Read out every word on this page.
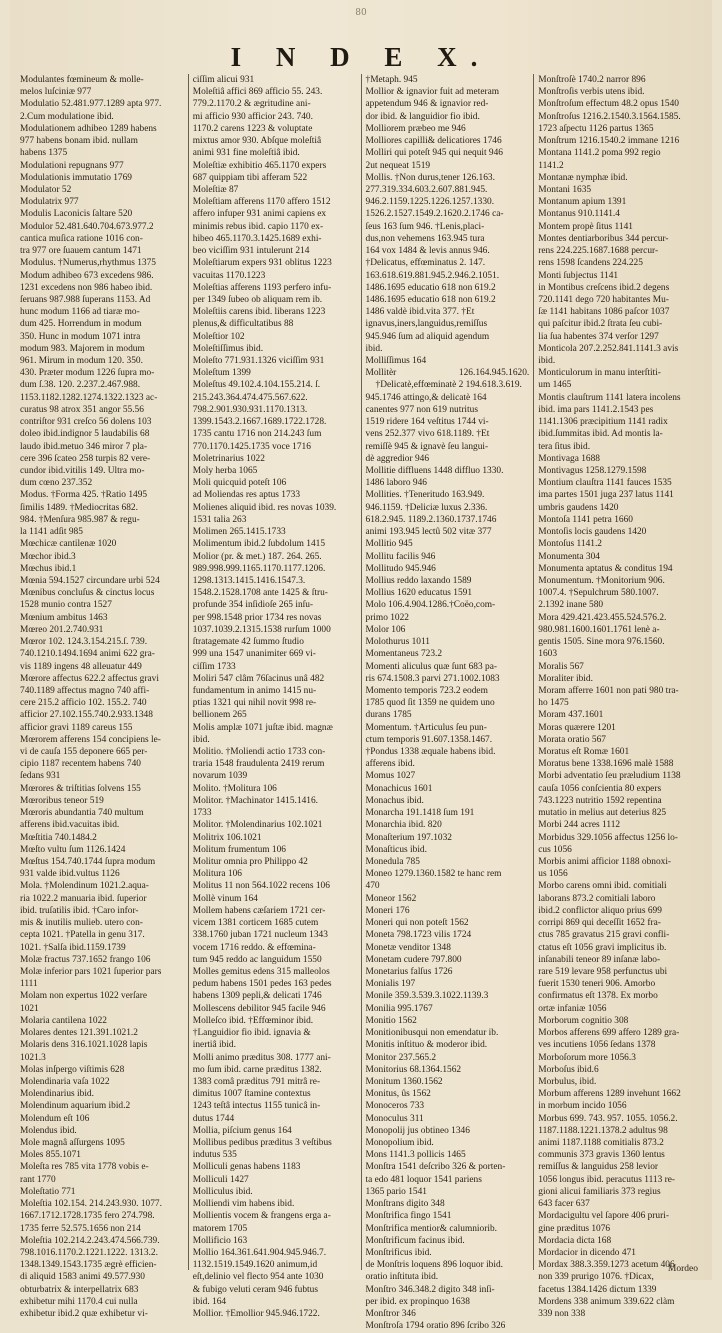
80
I N D E X.

Modulantes fœmineum & molle-

melos luſciniæ 977

Modulatio 52.481.977.1289 apta 977.

2.Cum modulatione ibid.

Modulationem adhibeo 1289 habens

977 habens bonam ibid. nullam

habens 1375

Modulationi repugnans 977

Modulationis immutatio 1769

Modulator 52

Modulatrix 977

Modulis Laconicis ſaltare 520

Modulor 52.481.640.704.673.977.2

cantica muſica ratione 1016 con-

tra 977 ore ſuauem cantum 1471

Modulus. †Numerus,rhythmus 1375

Modum adhibeo 673 excedens 986.

1231 excedens non 986 habeo ibid.

ſeruans 987.988 ſuperans 1153. Ad

hunc modum 1166 ad tiaræ mo-

dum 425. Horrendum in modum

350. Hunc in modum 1071 intra

modum 983. Majorem in modum

961. Mirum in modum 120. 350.

430. Præter modum 1226 ſupra mo-

dum ſ.38. 120. 2.237.2.467.988.

1153.1182.1282.1274.1322.1323 ac-

curatus 98 atrox 351 angor 55.56

contriſtor 931 creſco 56 dolens 103

doleo ibid.indignor 5 laudabilis 68

laudo ibid.metuo 346 miror 7 pla-

cere 396 ſcateo 258 turpis 82 vere-

cundor ibid.vitilis 149. Ultra mo-

dum cœno 237.352

Modus. †Forma 425. †Ratio 1495

ſimilis 1489. †Mediocritas 682.

984. †Menſura 985.987 & regu-

la 1141 adſit 985

Mœchicæ cantilenæ 1020

Mœchor ibid.3

Mœchus ibid.1

Mœnia 594.1527 circundare urbi 524

Mœnibus concluſus & cinctus locus

1528 munio contra 1527

Mœnium ambitus 1463

Mœreo 201.2.740.931

Mœror 102. 124.3.154.215.ſ. 739.

740.1210.1494.1694 animi 622 gra-

vis 1189 ingens 48 alleuatur 449

Mœrore affectus 622.2 affectus gravi

740.1189 affectus magno 740 affi-

cere 215.2 afficio 102. 155.2. 740

afficior 27.102.155.740.2.933.1348

afficior gravi 1189 careus 155

Mœrorem afferens 154 concipiens le-

vi de cauſa 155 deponere 665 per-

cipio 1187 recentem habens 740

ſedans 931

Mœrores & triſtitias ſolvens 155

Mœroribus teneor 519

Mœroris abundantia 740 multum

afferens ibid.vacuitas ibid.

Mœſtitia 740.1484.2

Mœſto vultu ſum 1126.1424

Mœſtus 154.740.1744 ſupra modum

931 valde ibid.vultus 1126

Mola. †Molendinum 1021.2.aqua-

ria 1022.2 manuaria ibid. ſuperior

ibid. truſatilis ibid. †Caro infor-

mis & inutilis mulieb. utero con-

cepta 1021. †Patella in genu 317.

1021. †Salſa ibid.1159.1739

Molæ fractus 737.1652 frango 106

Molæ inferior pars 1021 ſuperior pars

1111

Molam non expertus 1022 verſare

1021

Molaria cantilena 1022

Molares dentes 121.391.1021.2

Molaris dens 316.1021.1028 lapis

1021.3

Molas inſpergo viſtimis 628

Molendinaria vaſa 1022

Molendinarius ibid.

Molendinum aquarium ibid.2

Molendum eſt 106

Molendus ibid.

Mole magnâ aſſurgens 1095

Moles 855.1071

Moleſta res 785 vita 1778 vobis e-

rant 1770

Moleſtatio 771

Moleſtia 102.154. 214.243.930. 1077.

1667.1712.1728.1735 fero 274.798.

1735 ferre 52.575.1656 non 214

Moleſtia 102.214.2.243.474.566.739.

798.1016.1170.2.1221.1222. 1313.2.

1348.1349.1543.1735 ægrè efficien-

di aliquid 1583 animi 49.577.930

obturbatrix & interpellatrix 683

exhibetur mihi 1170.4 cui nulla

exhibetur ibid.2 quæ exhibetur vi-

ciſſim alicui 931

Moleſtiâ affici 869 afficio 55. 243.

779.2.1170.2 & ægritudine ani-

mi afficio 930 afficior 243. 740.

1170.2 carens 1223 & voluptate

mixtus amor 930. Abſque moleſtiâ

animi 931 fine moleſtiâ ibid.

Moleſtiæ exhibitio 465.1170 expers

687 quippiam tibi afferam 522

Moleſtiæ 87

Moleſtiam afferens 1170 affero 1512

affero infuper 931 animi capiens ex

minimis rebus ibid. capio 1170 ex-

hibeo 465.1170.3.1425.1689 exhi-

beo viciſſim 931 intulerunt 214

Moleſtiarum expers 931 oblitus 1223

vacuitas 1170.1223

Moleſtias afferens 1193 perfero infu-

per 1349 ſubeo ob aliquam rem ib.

Moleſtiis carens ibid. liberans 1223

plenus,& difficultatibus 88

Moleſtior 102

Moleſtiſſimus ibid.

Moleſto 771.931.1326 viciſſim 931

Moleſtum 1399

Moleſtus 49.102.4.104.155.214. ſ.

215.243.364.474.475.567.622.

798.2.901.930.931.1170.1313.

1399.1543.2.1667.1689.1722.1728.

1735 cantu 1716 non 214.243 ſum

770.1170.1425.1735 voce 1716

Moletrinarius 1022

Moly herba 1065

Moli quicquid poteſt 106

ad Moliendas res aptus 1733

Molienes aliquid ibid. res novas 1039.

1531 talia 263

Molimen 265.1415.1733

Molimentum ibid.2 ſubdolum 1415

Molior (pr. & met.) 187. 264. 265.

989.998.999.1165.1170.1177.1206.

1298.1313.1415.1416.1547.3.

1548.2.1528.1708 ante 1425 & ſtru-

profunde 354 inſidioſe 265 inſu-

per 998.1548 prior 1734 res novas

1037.1039.2.1315.1538 rurſum 1000

ſtratagemate 42 ſummo ſtudio

999 una 1547 unanimiter 669 vi-

ciſſim 1733

Moliri 547 clâm 76ſacinus unâ 482

fundamentum in animo 1415 nu-

ptias 1321 qui nihil novit 998 re-

bellionem 265

Molis amplæ 1071 juſtæ ibid. magnæ

ibid.

Molitio. †Moliendi actio 1733 con-

traria 1548 fraudulenta 2419 rerum

novarum 1039

Molito. †Molitura 106

Molitor. †Machinator 1415.1416.

1733

Molitor. †Molendinarius 102.1021

Molitrix 106.1021

Molitum frumentum 106

Molitur omnia pro Philippo 42

Molitura 106

Molitus 11 non 564.1022 recens 106

Mollè vinum 164

Mollem habens cæſariem 1721 cer-

vicem 1381 corticem 1685 cutem

338.1760 juban 1721 nucleum 1343

vocem 1716 reddo. & effœmina-

tum 945 reddo ac languidum 1550

Molles gemitus edens 315 malleolos

pedum habens 1501 pedes 163 pedes

habens 1309 pepli,& delicati 1746

Mollescens debilitor 945 facile 946

Molleſco ibid. †Effœminor ibid.

†Languidior fio ibid. ignavia &

inertiâ ibid.

Molli animo præditus 308. 1777 ani-

mo ſum ibid. carne præditus 1382.

1383 comâ præditus 791 mitrâ re-

dimitus 1007 ſtamine contextus

1243 teſtâ intectus 1155 tunicâ in-

dutus 1744

Mollia, piſcium genus 164

Mollibus pedibus præditus 3 veſtibus

indutus 535

Molliculi genas habens 1183

Molliculi 1427

Molliculus ibid.

Molliendi vim habens ibid.

Mollientis vocem & frangens erga a-

matorem 1705

Mollificio 163

Mollio 164.361.641.904.945.946.7.

1132.1519.1549.1620 animum,id

eſt,delinio vel flecto 954 ante 1030

& fubigo veluti ceram 946 fubtus

ibid. 164

Mollior. †Emollior 945.946.1722.

†Metaph. 945

Mollior & ignavior fuit ad meteram

appetendum 946 & ignavior red-

dor ibid. & languidior fio ibid.

Molliorem præbeo me 946

Molliores capilli& delicatiores 1746

Molliri qui poteſt 945 qui nequit 946

2ut nequeat 1519

Mollis. †Non durus,tener 126.163.

277.319.334.603.2.607.881.945.

946.2.1159.1225.1226.1257.1330.

1526.2.1527.1549.2.1620.2.1746 ca-

ſeus 163 ſum 946. †Lenis,placi-

dus,non vehemens 163.945 tura

164 vox 1484 & levis annus 946.

†Delicatus, effœminatus 2. 147.

163.618.619.881.945.2.946.2.1051.

1486.1695 educatio 618 non 619.2

1486.1695 educatio 618 non 619.2

1486 valdè ibid.vita 377. †Et

ignavus,iners,languidus,remiſſus

945.946 ſum ad aliquid agendum

ibid.

Molliſſimus 164

Mollitèr 126.164.945.1620. †Delicatè,effœminatè 2 194.618.3.619.

945.1746 attingo,& delicatè 164

canentes 977 non 619 nutritus

1519 ridere 164 veſtitus 1744 vi-

vens 252.377 vivo 618.1189. †Et

remiſſè 945 & ignavè ſeu langui-

dè aggredior 946

Mollitie diffluens 1448 diffluo 1330.

1486 laboro 946

Mollities. †Teneritudo 163.949.

946.1159. †Deliciæ luxus 2.336.

618.2.945. 1189.2.1360.1737.1746

animi 193.945 lectû 502 vitæ 377

Mollitio 945

Mollitu facilis 946

Mollitudo 945.946

Mollius reddo laxando 1589

Mollius 1620 educatus 1591

Molo 106.4.904.1286.†Coëo,com-

primo 1022

Molor 106

Molothurus 1011

Momentaneus 723.2

Momenti aliculus quæ ſunt 683 pa-

ris 674.1508.3 parvi 271.1002.1083

Momento temporis 723.2 eodem

1785 quod ſit 1359 ne quidem uno

durans 1785

Momentum. †Articulus ſeu pun-

ctum temporis 91.607.1358.1467.

†Pondus 1338 æquale habens ibid.

afferens ibid.

Momus 1027

Monachicus 1601

Monachus ibid.

Monarcha 191.1418 ſum 191

Monarchia ibid. 820

Monaſterium 197.1032

Monaſticus ibid.

Monedula 785

Moneo 1279.1360.1582 te hanc rem

470

Moneor 1562

Moneri 176

Moneri qui non poteſt 1562

Moneta 798.1723 vilis 1724

Monetæ venditor 1348

Monetam cudere 797.800

Monetarius falſus 1726

Monialis 197

Monile 359.3.539.3.1022.1139.3

Monilia 995.1767

Monitio 1562

Monitionibusqui non emendatur ib.

Monitis inſtituo & moderor ibid.

Monitor 237.565.2

Monitorius 68.1364.1562

Monitum 1360.1562

Monitus, ûs 1562

Monoceros 733

Monoculus 311

Monopolij jus obtineo 1346

Monopolium ibid.

Mons 1141.3 pollicis 1465

Monſtra 1541 deſcribo 326 & porten-

ta edo 481 loquor 1541 pariens

1365 pario 1541

Monſtrans digito 348

Monſtrifica fingo 1541

Monſtrifica mentior& calumniorib.

Monſtrificum facinus ibid.

Monſtrificus ibid.

de Monſtris loquens 896 loquor ibid.

oratio inſtituta ibid.

Monſtro 346.348.2 digito 348 inſi-

per ibid. ex propinquo 1638

Monſtror 346

Monſtroſa 1794 oratio 896 ſcribo 326

Monſtroſè 1740.2 narror 896

Monſtroſis verbis utens ibid.

Monſtroſum effectum 48.2 opus 1540

Monſtroſus 1216.2.1540.3.1564.1585.

1723 aſpectu 1126 partus 1365

Monſtrum 1216.1540.2 immane 1216

Montana 1141.2 poma 992 regio

1141.2

Montanæ nymphæ ibid.

Montani 1635

Montanum apium 1391

Montanus 910.1141.4

Montem propè ſitus 1141

Montes dentiarboribus 344 percur-

rens 224.225.1687.1688 percur-

rens 1598 ſcandens 224.225

Monti ſubjectus 1141

in Montibus creſcens ibid.2 degens

720.1141 dego 720 habitantes Mu-

ſæ 1141 habitans 1086 paſcor 1037

qui paſcitur ibid.2 ſtrata ſeu cubi-

lia ſua habentes 374 verſor 1297

Monticola 207.2.252.841.1141.3 avis

ibid.

Monticulorum in manu interſtiti-

um 1465

Montis clauſtrum 1141 latera incolens

ibid. ima pars 1141.2.1543 pes

1141.1306 præcipitium 1141 radix

ibid.ſummitas ibid. Ad montis la-

tera ſitus ibid.

Montivaga 1688

Montivagus 1258.1279.1598

Montium clauſtra 1141 fauces 1535

ima partes 1501 juga 237 latus 1141

umbris gaudens 1420

Montoſa 1141 petra 1660

Montoſis locis gaudens 1420

Montoſus 1141.2

Monumenta 304

Monumenta aptatus & conditus 194

Monumentum. †Monitorium 906.

1007.4. †Sepulchrum 580.1007.

2.1392 inane 580

Mora 429.421.423.455.524.576.2.

980.981.1600.1601.1761 lenè a-

gentis 1505. Sine mora 976.1560.

1603

Moralis 567

Moraliter ibid.

Moram afferre 1601 non pati 980 tra-

ho 1475

Moram 437.1601

Moras quærere 1201

Morata oratio 567

Moratus eſt Romæ 1601

Moratus bene 1338.1696 malè 1588

Morbi adventatio ſeu præludium 1138

cauſa 1056 conſcientia 80 expers

743.1223 nutritio 1592 repentina

mutatio in melius aut deterius 825

Morbi 244 acres 1112

Morbidus 329.1056 affectus 1256 lo-

cus 1056

Morbis animi afficior 1188 obnoxi-

us 1056

Morbo carens omni ibid. comitiali

laborans 873.2 comitiali laboro

ibid.2 conflictor aliquo prius 699

corripi 869 qui deceſſit 1652 fra-

ctus 785 gravatus 215 gravi confli-

ctatus eſt 1056 gravi implicitus ib.

inſanabili teneor 89 inſanæ labo-

rare 519 levare 958 perfunctus ubi

fuerit 1530 teneri 906. Amorbo

confirmatus eſt 1378. Ex morbo

ortæ infaniæ 1056

Morborum cognitio 308

Morbos afferens 699 affero 1289 gra-

ves incutiens 1056 ſedans 1378

Morboſorum more 1056.3

Morboſus ibid.6

Morbulus, ibid.

Morbum afferens 1289 invehunt 1662

in morbum incido 1056

Morbus 699. 743. 957. 1055. 1056.2.

1187.1188.1221.1378.2 adultus 98

animi 1187.1188 comitialis 873.2

communis 373 gravis 1360 lentus

remiſſus & languidus 258 levior

1056 longus ibid. peracutus 1113 re-

gioni alicui familiaris 373 regius

643 facer 637

Mordacigultu vel ſapore 406 pruri-

gine præditus 1076

Mordacia dicta 168

Mordacior in dicendo 471

Mordax 388.3.359.1273 acetum 406

non 339 prurigo 1076. †Dicax,

facetus 1384.1426 dictum 1339

Mordens 338 animum 339.622 clàm

339 non 338

Mordeo
